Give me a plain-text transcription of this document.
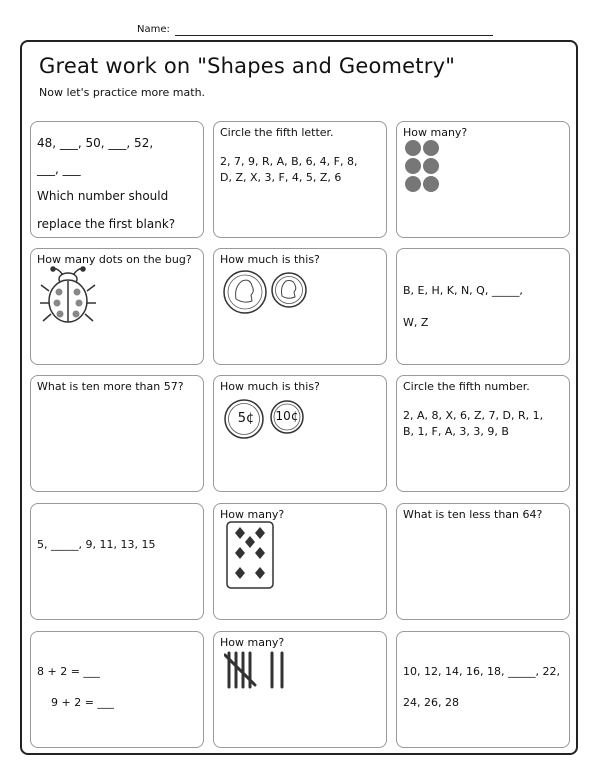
Name:
Great work on "Shapes and Geometry"
Now let's practice more math.
48, ___, 50, ___, 52,
___, ___
Which number should
replace the first blank?
Circle the fifth letter.
2, 7, 9, R, A, B, 6, 4, F, 8,
D, Z, X, 3, F, 4, 5, Z, 6
How many?
How many dots on the bug?	How much is this?
B, E, H, K, N, Q, _____,
W, Z
What is ten more than 57?	How much is this?
5¢	10¢
Circle the fifth number.
2, A, 8, X, 6, Z, 7, D, R, 1,
B, 1, F, A, 3, 3, 9, B
5, _____, 9, 11, 13, 15
How many?	What is ten less than 64?
8 + 2 = ___
9 + 2 = ___
How many?
10, 12, 14, 16, 18, _____, 22,
24, 26, 28
